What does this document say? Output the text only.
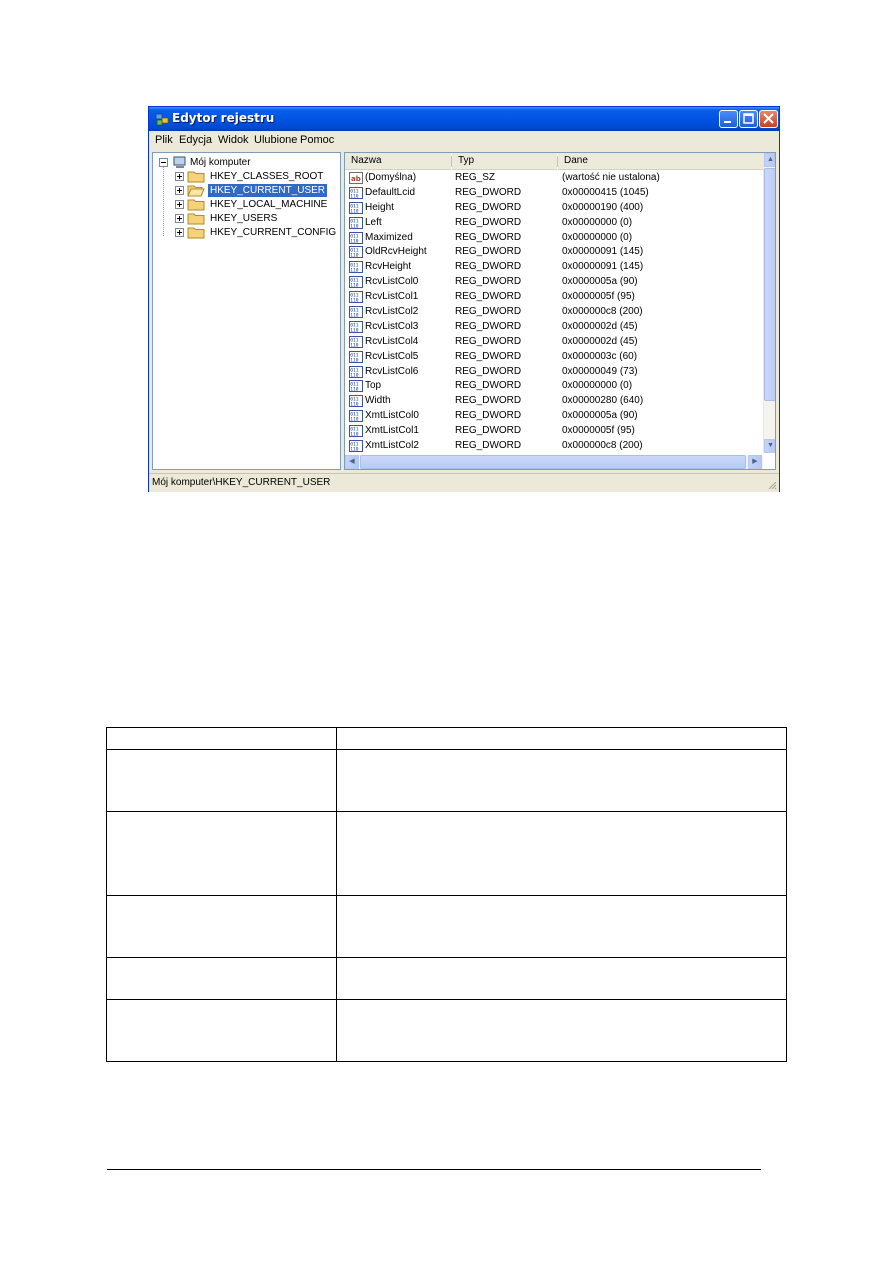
Edytor rejestru
Plik Edycja Widok Ulubione Pomoc
Mój komputer
HKEY_CLASSES_ROOT
HKEY_CURRENT_USER
HKEY_LOCAL_MACHINE
HKEY_USERS
HKEY_CURRENT_CONFIG
Nazwa	Typ	Dane
ab (Domyślna)	REG_SZ	(wartość nie ustalona)
011
110 DefaultLcid	REG_DWORD	0x00000415 (1045)
011
110 Height	REG_DWORD	0x00000190 (400)
011
110 Left	REG_DWORD	0x00000000 (0)
011
110 Maximized	REG_DWORD	0x00000000 (0)
011
110 OldRcvHeight	REG_DWORD	0x00000091 (145)
011
110 RcvHeight	REG_DWORD	0x00000091 (145)
011
110 RcvListCol0	REG_DWORD	0x0000005a (90)
011
110 RcvListCol1	REG_DWORD	0x0000005f (95)
011
110 RcvListCol2	REG_DWORD	0x000000c8 (200)
011
110 RcvListCol3	REG_DWORD	0x0000002d (45)
011
110 RcvListCol4	REG_DWORD	0x0000002d (45)
011
110 RcvListCol5	REG_DWORD	0x0000003c (60)
011
110 RcvListCol6	REG_DWORD	0x00000049 (73)
011
110 Top	REG_DWORD	0x00000000 (0)
011
110 Width	REG_DWORD	0x00000280 (640)
011
110 XmtListCol0	REG_DWORD	0x0000005a (90)
011
110 XmtListCol1	REG_DWORD	0x0000005f (95)
011
110 XmtListCol2	REG_DWORD	0x000000c8 (200)
▲
▼
◀	▶
Mój komputer\HKEY_CURRENT_USER
